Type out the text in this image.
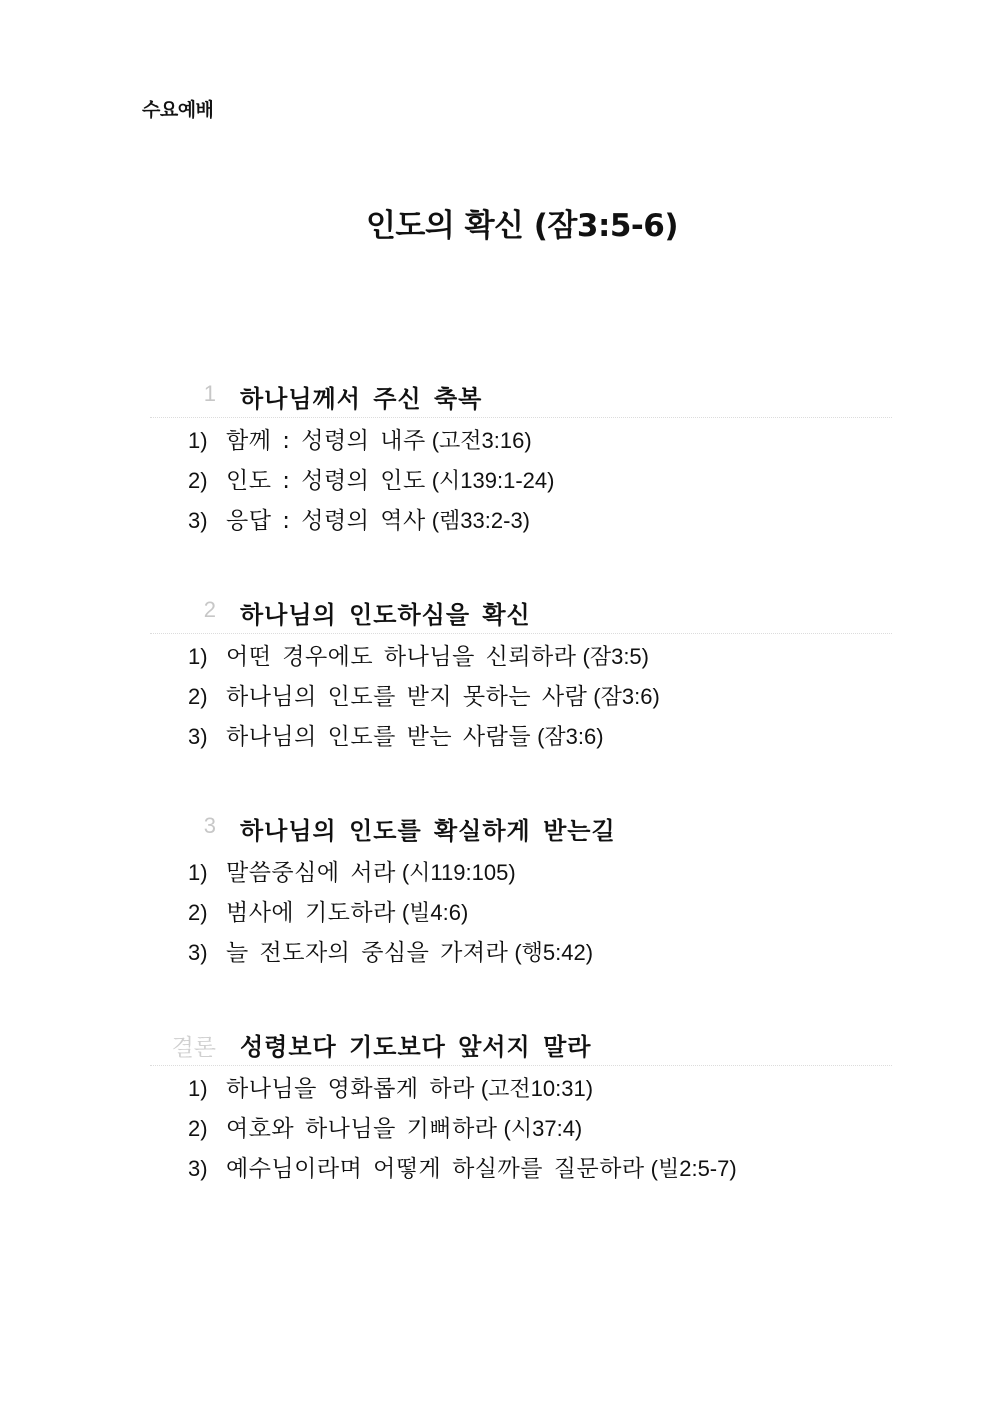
수요예배
인도의 확신 (잠3:5-6)
1 하나님께서 주신 축복
1) 함께 : 성령의 내주 (고전3:16)
2) 인도 : 성령의 인도 (시139:1-24)
3) 응답 : 성령의 역사 (렘33:2-3)
2 하나님의 인도하심을 확신
1) 어떤 경우에도 하나님을 신뢰하라 (잠3:5)
2) 하나님의 인도를 받지 못하는 사람 (잠3:6)
3) 하나님의 인도를 받는 사람들 (잠3:6)
3 하나님의 인도를 확실하게 받는길
1) 말씀중심에 서라 (시119:105)
2) 범사에 기도하라 (빌4:6)
3) 늘 전도자의 중심을 가져라 (행5:42)
결론 성령보다 기도보다 앞서지 말라
1) 하나님을 영화롭게 하라 (고전10:31)
2) 여호와 하나님을 기뻐하라 (시37:4)
3) 예수님이라며 어떻게 하실까를 질문하라 (빌2:5-7)
